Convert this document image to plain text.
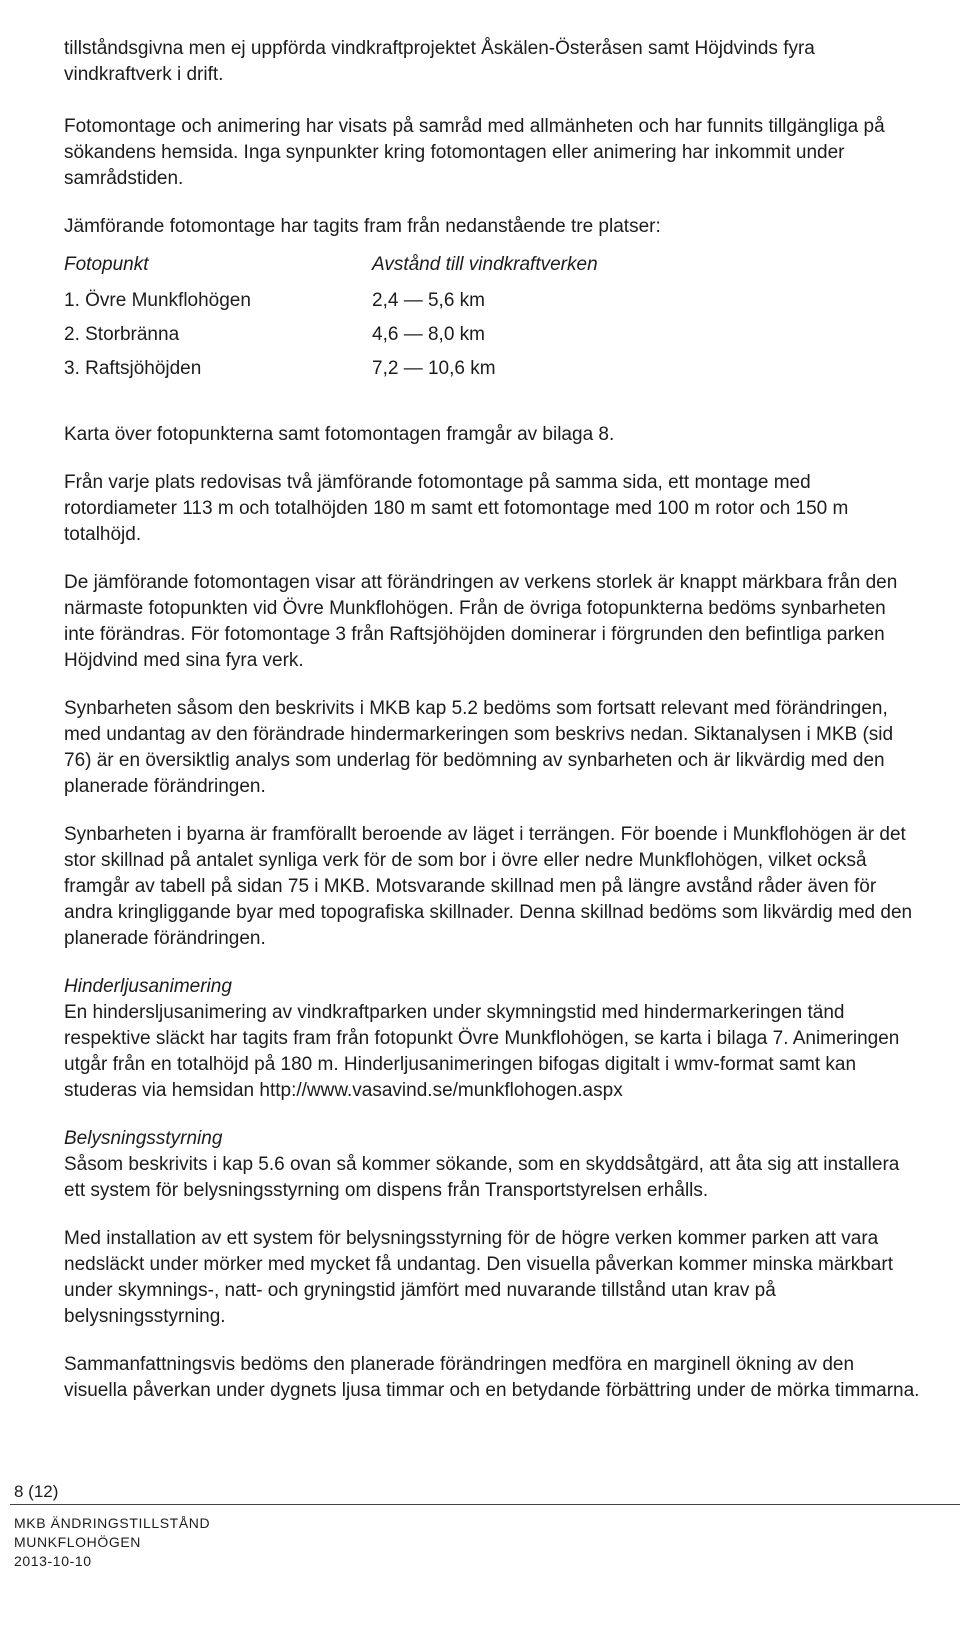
tillståndsgivna men ej uppförda vindkraftprojektet Åskälen-Österåsen samt Höjdvinds fyra vindkraftverk i drift.

Fotomontage och animering har visats på samråd med allmänheten och har funnits tillgängliga på sökandens hemsida. Inga synpunkter kring fotomontagen eller animering har inkommit under samrådstiden.

Jämförande fotomontage har tagits fram från nedanstående tre platser:

Fotopunkt	Avstånd till vindkraftverken
1. Övre Munkflohögen	2,4 — 5,6 km
2. Storbränna	4,6 — 8,0 km
3. Raftsjöhöjden	7,2 — 10,6 km

Karta över fotopunkterna samt fotomontagen framgår av bilaga 8.

Från varje plats redovisas två jämförande fotomontage på samma sida, ett montage med rotordiameter 113 m och totalhöjden 180 m samt ett fotomontage med 100 m rotor och 150 m totalhöjd.

De jämförande fotomontagen visar att förändringen av verkens storlek är knappt märkbara från den närmaste fotopunkten vid Övre Munkflohögen. Från de övriga fotopunkterna bedöms synbarheten inte förändras. För fotomontage 3 från Raftsjöhöjden dominerar i förgrunden den befintliga parken Höjdvind med sina fyra verk.

Synbarheten såsom den beskrivits i MKB kap 5.2 bedöms som fortsatt relevant med förändringen, med undantag av den förändrade hindermarkeringen som beskrivs nedan. Siktanalysen i MKB (sid 76) är en översiktlig analys som underlag för bedömning av synbarheten och är likvärdig med den planerade förändringen.

Synbarheten i byarna är framförallt beroende av läget i terrängen. För boende i Munkflohögen är det stor skillnad på antalet synliga verk för de som bor i övre eller nedre Munkflohögen, vilket också framgår av tabell på sidan 75 i MKB. Motsvarande skillnad men på längre avstånd råder även för andra kringliggande byar med topografiska skillnader. Denna skillnad bedöms som likvärdig med den planerade förändringen.

Hinderljusanimering

En hindersljusanimering av vindkraftparken under skymningstid med hindermarkeringen tänd respektive släckt har tagits fram från fotopunkt Övre Munkflohögen, se karta i bilaga 7. Animeringen utgår från en totalhöjd på 180 m. Hinderljusanimeringen bifogas digitalt i wmv-format samt kan studeras via hemsidan http://www.vasavind.se/munkflohogen.aspx

Belysningsstyrning

Såsom beskrivits i kap 5.6 ovan så kommer sökande, som en skyddsåtgärd, att åta sig att installera ett system för belysningsstyrning om dispens från Transportstyrelsen erhålls.

Med installation av ett system för belysningsstyrning för de högre verken kommer parken att vara nedsläckt under mörker med mycket få undantag. Den visuella påverkan kommer minska märkbart under skymnings-, natt- och gryningstid jämfört med nuvarande tillstånd utan krav på belysningsstyrning.

Sammanfattningsvis bedöms den planerade förändringen medföra en marginell ökning av den visuella påverkan under dygnets ljusa timmar och en betydande förbättring under de mörka timmarna.

8 (12)
MKB ÄNDRINGSTILLSTÅND
MUNKFLOHÖGEN
2013-10-10
